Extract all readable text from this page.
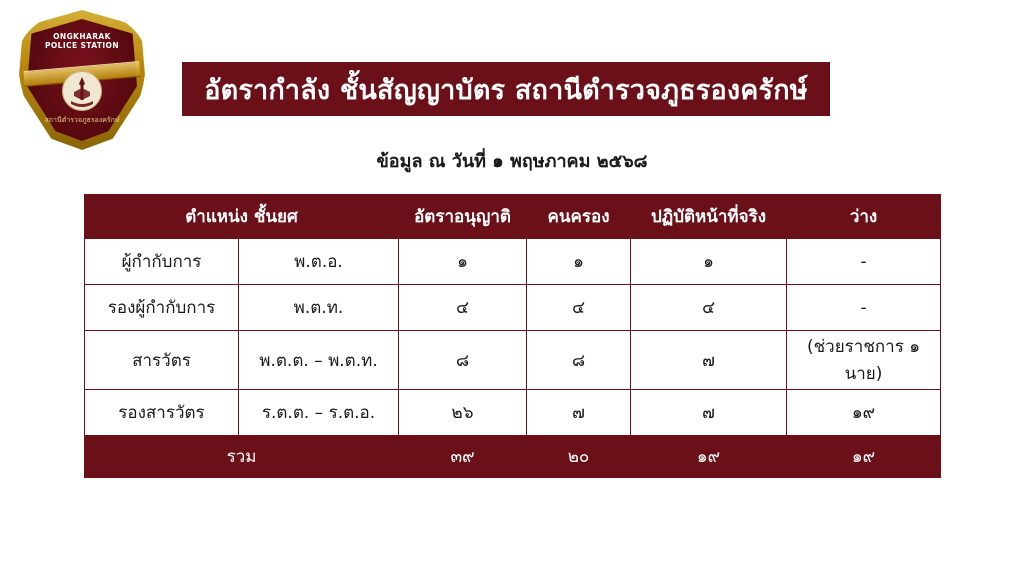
ONGKHARAK
POLICE STATION
สถานีตำรวจภูธรองครักษ์
อัตรากำลัง ชั้นสัญญาบัตร สถานีตำรวจภูธรองครักษ์
ข้อมูล ณ วันที่ ๑ พฤษภาคม ๒๕๖๘
ตำแหน่ง ชั้นยศ		อัตราอนุญาติ	คนครอง	ปฏิบัติหน้าที่จริง	ว่าง
ผู้กำกับการ	พ.ต.อ.	๑	๑	๑	-
รองผู้กำกับการ	พ.ต.ท.	๔	๔	๔	-
สารวัตร	พ.ต.ต. – พ.ต.ท.	๘	๘	๗	(ช่วยราชการ ๑ นาย)
รองสารวัตร	ร.ต.ต. – ร.ต.อ.	๒๖	๗	๗	๑๙
รวม		๓๙	๒๐	๑๙	๑๙
